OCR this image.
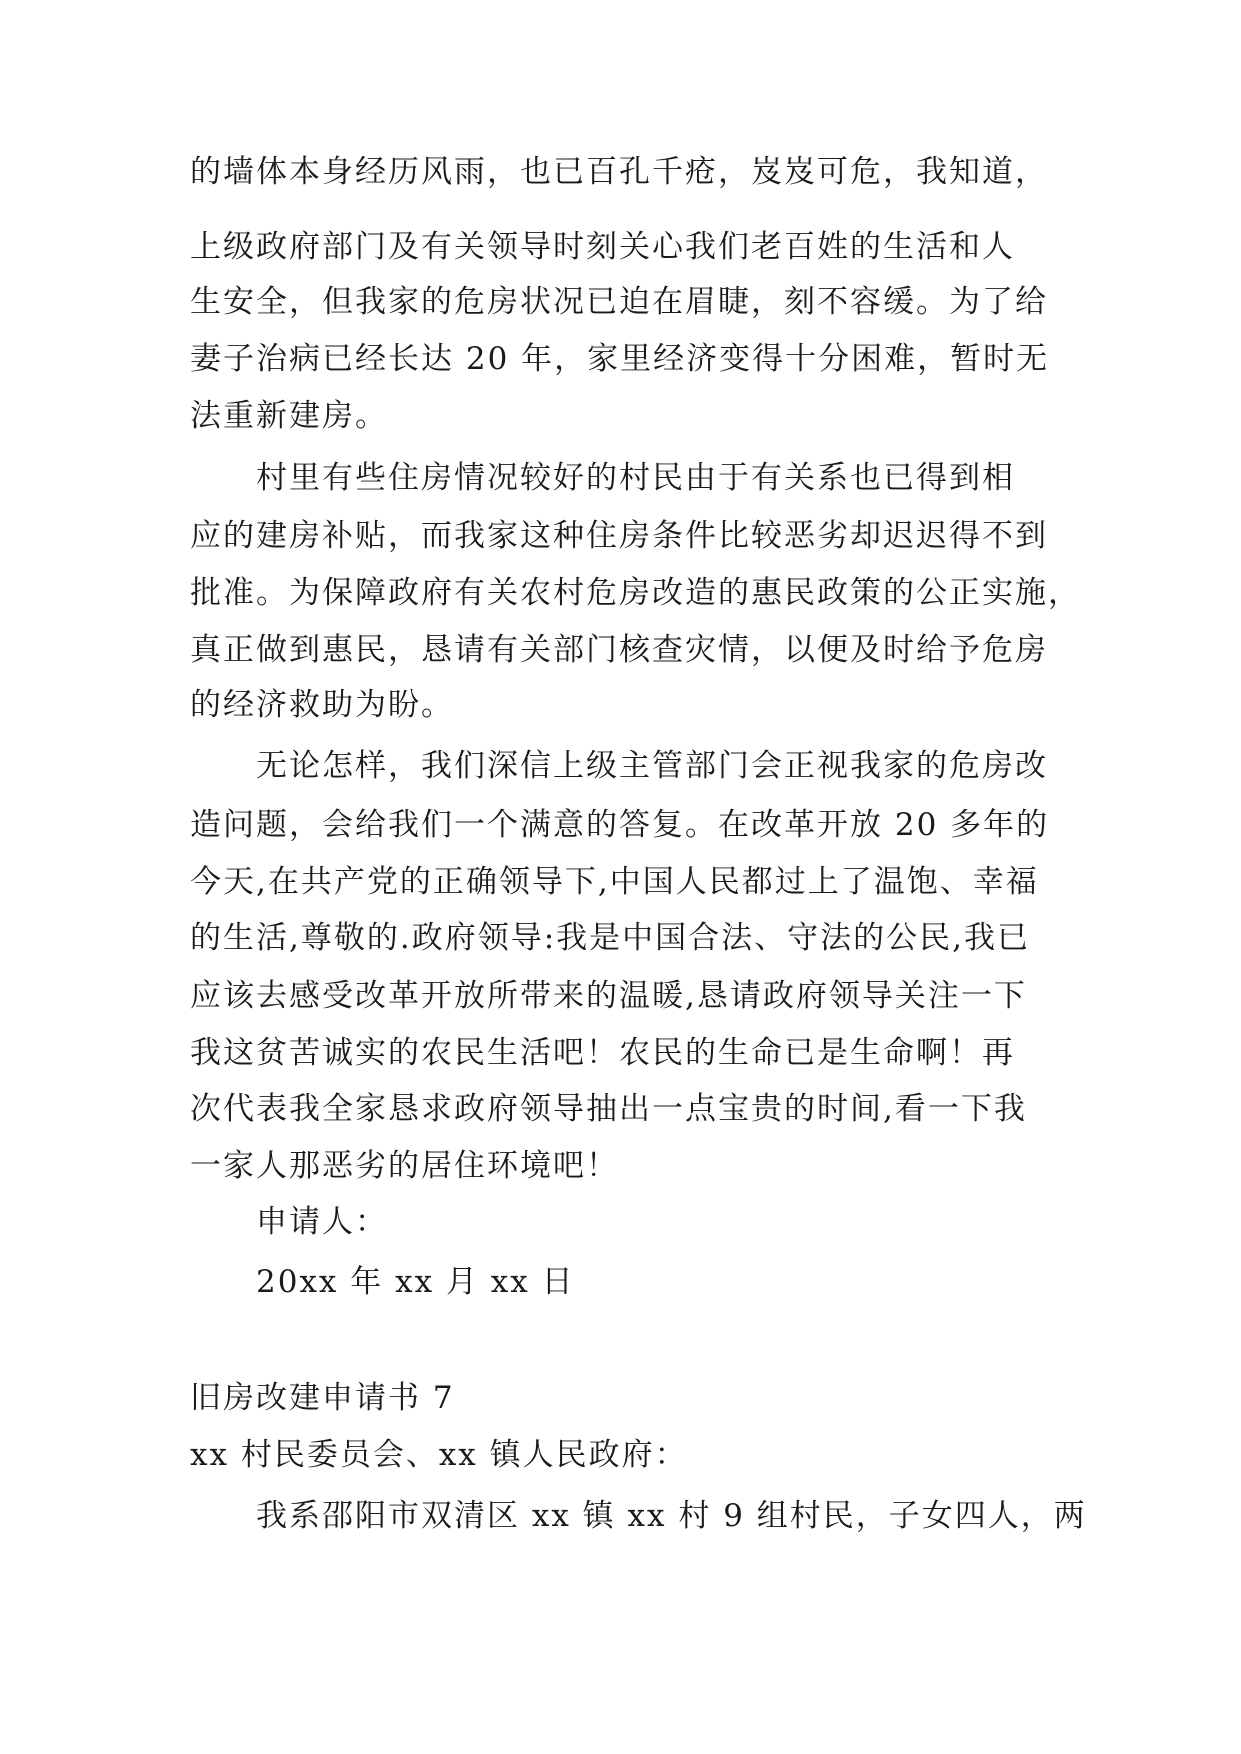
的墙体本身经历风雨，也已百孔千疮，岌岌可危，我知道，
上级政府部门及有关领导时刻关心我们老百姓的生活和人
生安全，但我家的危房状况已迫在眉睫，刻不容缓。为了给
妻子治病已经长达 20 年，家里经济变得十分困难，暂时无
法重新建房。
村里有些住房情况较好的村民由于有关系也已得到相
应的建房补贴，而我家这种住房条件比较恶劣却迟迟得不到
批准。为保障政府有关农村危房改造的惠民政策的公正实施，
真正做到惠民，恳请有关部门核查灾情，以便及时给予危房
的经济救助为盼。
无论怎样，我们深信上级主管部门会正视我家的危房改
造问题，会给我们一个满意的答复。在改革开放 20 多年的
今天,在共产党的正确领导下,中国人民都过上了温饱、幸福
的生活,尊敬的.政府领导:我是中国合法、守法的公民,我已
应该去感受改革开放所带来的温暖,恳请政府领导关注一下
我这贫苦诚实的农民生活吧！农民的生命已是生命啊！再
次代表我全家恳求政府领导抽出一点宝贵的时间,看一下我
一家人那恶劣的居住环境吧！
申请人：
20xx 年 xx 月 xx 日
旧房改建申请书 7
xx 村民委员会、xx 镇人民政府：
我系邵阳市双清区 xx 镇 xx 村 9 组村民，子女四人，两
